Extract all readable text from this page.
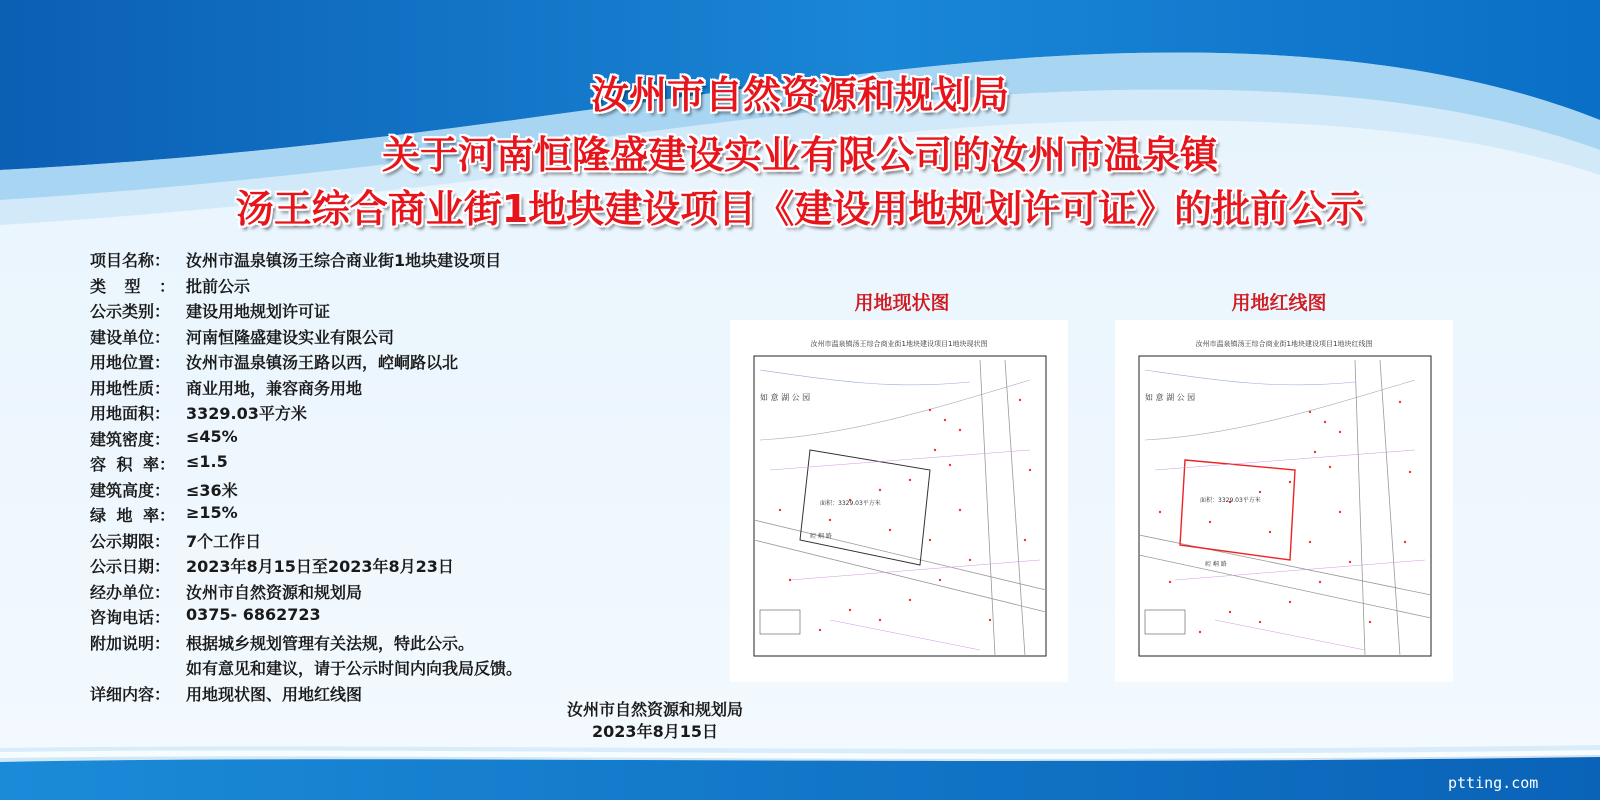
汝州市自然资源和规划局
关于河南恒隆盛建设实业有限公司的汝州市温泉镇
汤王综合商业街1地块建设项目《建设用地规划许可证》的批前公示
项目名称： 汝州市温泉镇汤王综合商业街1地块建设项目
类 型 ： 批前公示
公示类别： 建设用地规划许可证
建设单位： 河南恒隆盛建设实业有限公司
用地位置： 汝州市温泉镇汤王路以西，崆峒路以北
用地性质： 商业用地，兼容商务用地
用地面积： 3329.03平方米
建筑密度： ≤45%
容 积 率： ≤1.5
建筑高度： ≤36米
绿 地 率： ≥15%
公示期限： 7个工作日
公示日期： 2023年8月15日至2023年8月23日
经办单位： 汝州市自然资源和规划局
咨询电话： 0375- 6862723
附加说明： 根据城乡规划管理有关法规，特此公示。
如有意见和建议，请于公示时间内向我局反馈。
详细内容： 用地现状图、用地红线图
汝州市自然资源和规划局
2023年8月15日
用地现状图	用地红线图
汝州市温泉镇汤王综合商业街1地块建设项目1地块现状图
如 意 湖 公 园
面积：3329.03平方米
崆 峒 路
汝州市温泉镇汤王综合商业街1地块建设项目1地块红线图
如 意 湖 公 园
面积：3329.03平方米
崆 峒 路
ptting.com
